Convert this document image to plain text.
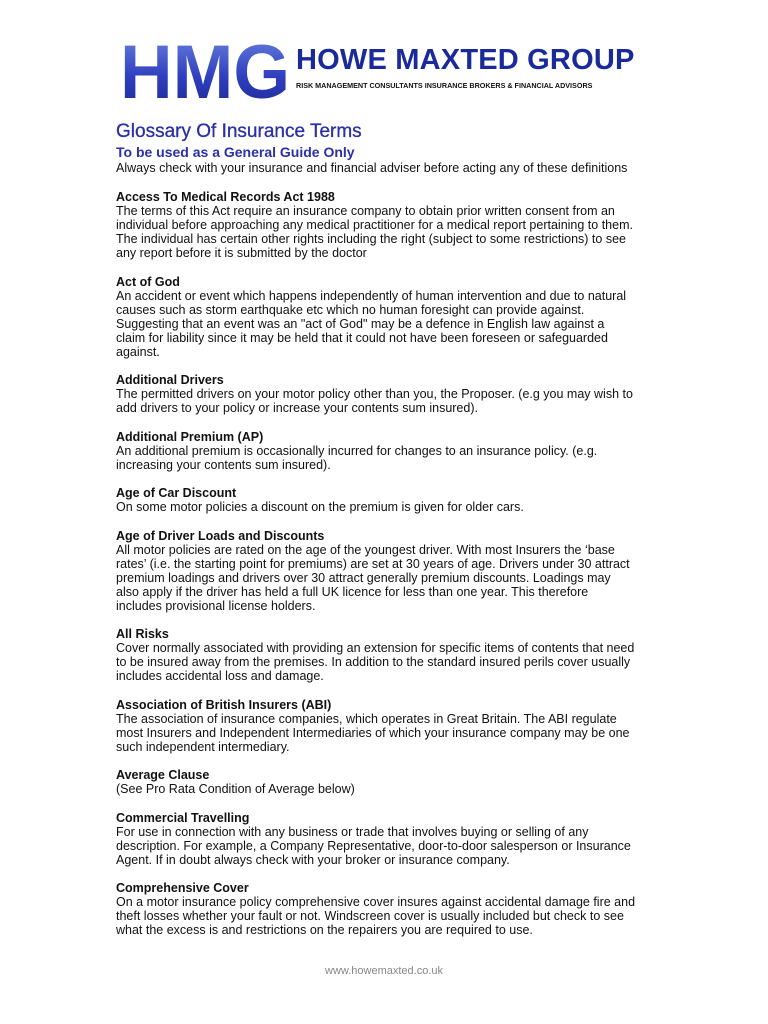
HMG HOWE MAXTED GROUP
RISK MANAGEMENT CONSULTANTS INSURANCE BROKERS & FINANCIAL ADVISORS
Glossary Of Insurance Terms

To be used as a General Guide Only

Always check with your insurance and financial adviser before acting any of these definitions

Access To Medical Records Act 1988

The terms of this Act require an insurance company to obtain prior written consent from an

individual before approaching any medical practitioner for a medical report pertaining to them.

The individual has certain other rights including the right (subject to some restrictions) to see

any report before it is submitted by the doctor

Act of God

An accident or event which happens independently of human intervention and due to natural

causes such as storm earthquake etc which no human foresight can provide against.

Suggesting that an event was an "act of God" may be a defence in English law against a

claim for liability since it may be held that it could not have been foreseen or safeguarded

against.

Additional Drivers

The permitted drivers on your motor policy other than you, the Proposer. (e.g you may wish to

add drivers to your policy or increase your contents sum insured).

Additional Premium (AP)

An additional premium is occasionally incurred for changes to an insurance policy. (e.g.

increasing your contents sum insured).

Age of Car Discount

On some motor policies a discount on the premium is given for older cars.

Age of Driver Loads and Discounts

All motor policies are rated on the age of the youngest driver. With most Insurers the ‘base

rates’ (i.e. the starting point for premiums) are set at 30 years of age. Drivers under 30 attract

premium loadings and drivers over 30 attract generally premium discounts. Loadings may

also apply if the driver has held a full UK licence for less than one year. This therefore

includes provisional license holders.

All Risks

Cover normally associated with providing an extension for specific items of contents that need

to be insured away from the premises. In addition to the standard insured perils cover usually

includes accidental loss and damage.

Association of British Insurers (ABI)

The association of insurance companies, which operates in Great Britain. The ABI regulate

most Insurers and Independent Intermediaries of which your insurance company may be one

such independent intermediary.

Average Clause

(See Pro Rata Condition of Average below)

Commercial Travelling

For use in connection with any business or trade that involves buying or selling of any

description. For example, a Company Representative, door-to-door salesperson or Insurance

Agent. If in doubt always check with your broker or insurance company.

Comprehensive Cover

On a motor insurance policy comprehensive cover insures against accidental damage fire and

theft losses whether your fault or not. Windscreen cover is usually included but check to see

what the excess is and restrictions on the repairers you are required to use.

www.howemaxted.co.uk
